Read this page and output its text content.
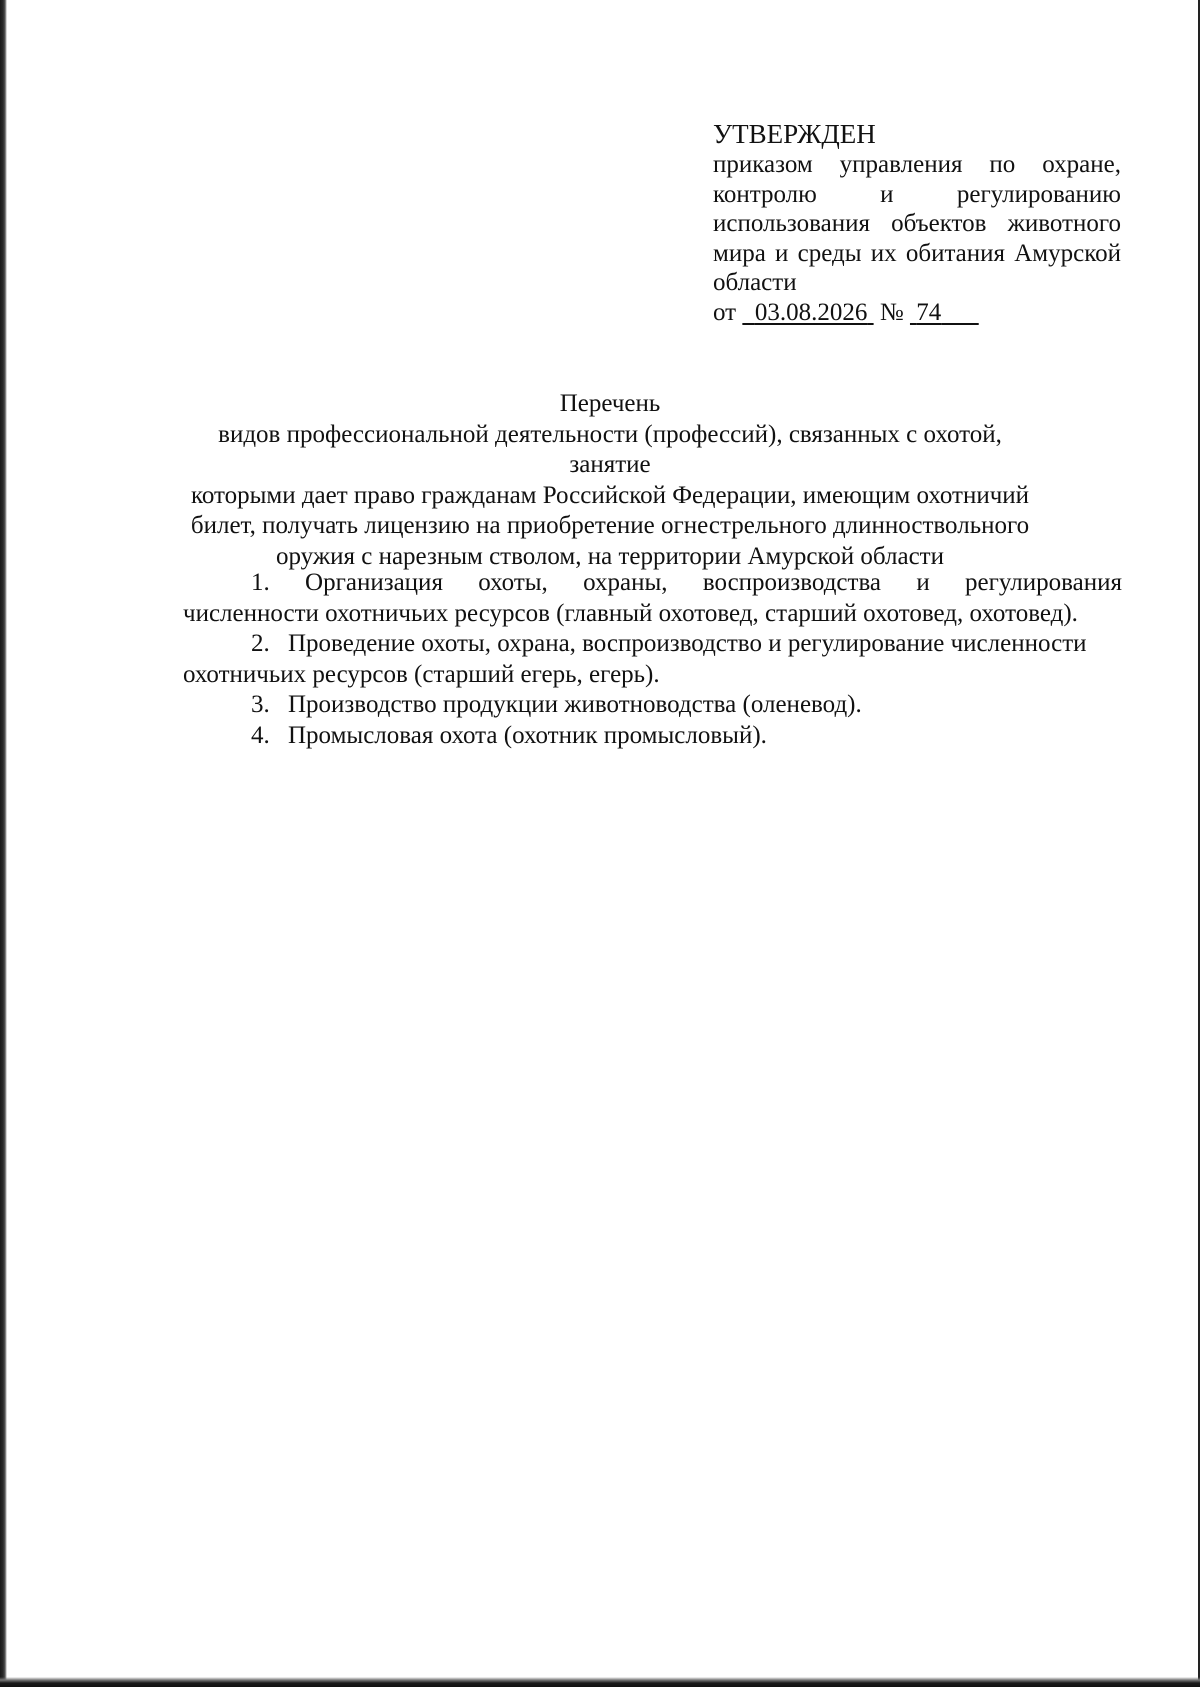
УТВЕРЖДЕН
приказом управления по охране,
контролю	и	регулированию
использования объектов животного
мира и среды их обитания Амурской
области
от 03.08.2026 № 74
Перечень
видов профессиональной деятельности (профессий), связанных с охотой, занятие
которыми дает право гражданам Российской Федерации, имеющим охотничий
билет, получать лицензию на приобретение огнестрельного длинноствольного
оружия с нарезным стволом, на территории Амурской области
1. Организация охоты, охраны, воспроизводства и регулирования
численности охотничьих ресурсов (главный охотовед, старший охотовед, охотовед).
2. Проведение охоты, охрана, воспроизводство и регулирование численности
охотничьих ресурсов (старший егерь, егерь).
3. Производство продукции животноводства (оленевод).
4. Промысловая охота (охотник промысловый).
